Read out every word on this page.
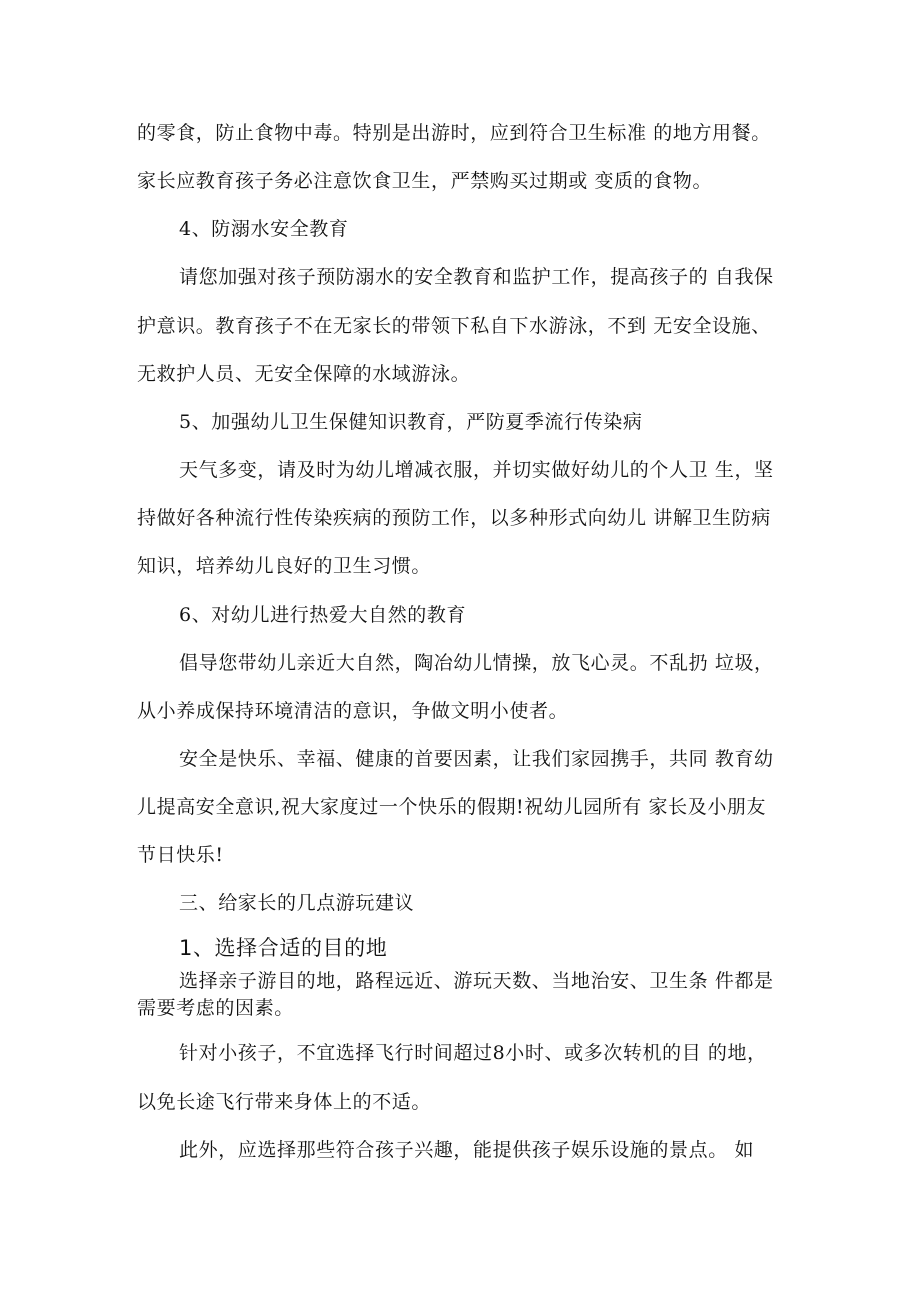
的零食，防止食物中毒。特别是出游时，应到符合卫生标准 的地方用餐。

家长应教育孩子务必注意饮食卫生，严禁购买过期或 变质的食物。

4、防溺水安全教育

请您加强对孩子预防溺水的安全教育和监护工作，提高孩子的 自我保

护意识。教育孩子不在无家长的带领下私自下水游泳，不到 无安全设施、

无救护人员、无安全保障的水域游泳。

5、加强幼儿卫生保健知识教育，严防夏季流行传染病

天气多变，请及时为幼儿增减衣服，并切实做好幼儿的个人卫 生，坚

持做好各种流行性传染疾病的预防工作，以多种形式向幼儿 讲解卫生防病

知识，培养幼儿良好的卫生习惯。

6、对幼儿进行热爱大自然的教育

倡导您带幼儿亲近大自然，陶冶幼儿情操，放飞心灵。不乱扔 垃圾，

从小养成保持环境清洁的意识，争做文明小使者。

安全是快乐、幸福、健康的首要因素，让我们家园携手，共同 教育幼

儿提高安全意识,祝大家度过一个快乐的假期!祝幼儿园所有 家长及小朋友

节日快乐!

三、给家长的几点游玩建议

1、选择合适的目的地

选择亲子游目的地，路程远近、游玩天数、当地治安、卫生条 件都是

需要考虑的因素。

针对小孩子，不宜选择飞行时间超过8小时、或多次转机的目 的地，

以免长途飞行带来身体上的不适。

此外，应选择那些符合孩子兴趣，能提供孩子娱乐设施的景点。 如
